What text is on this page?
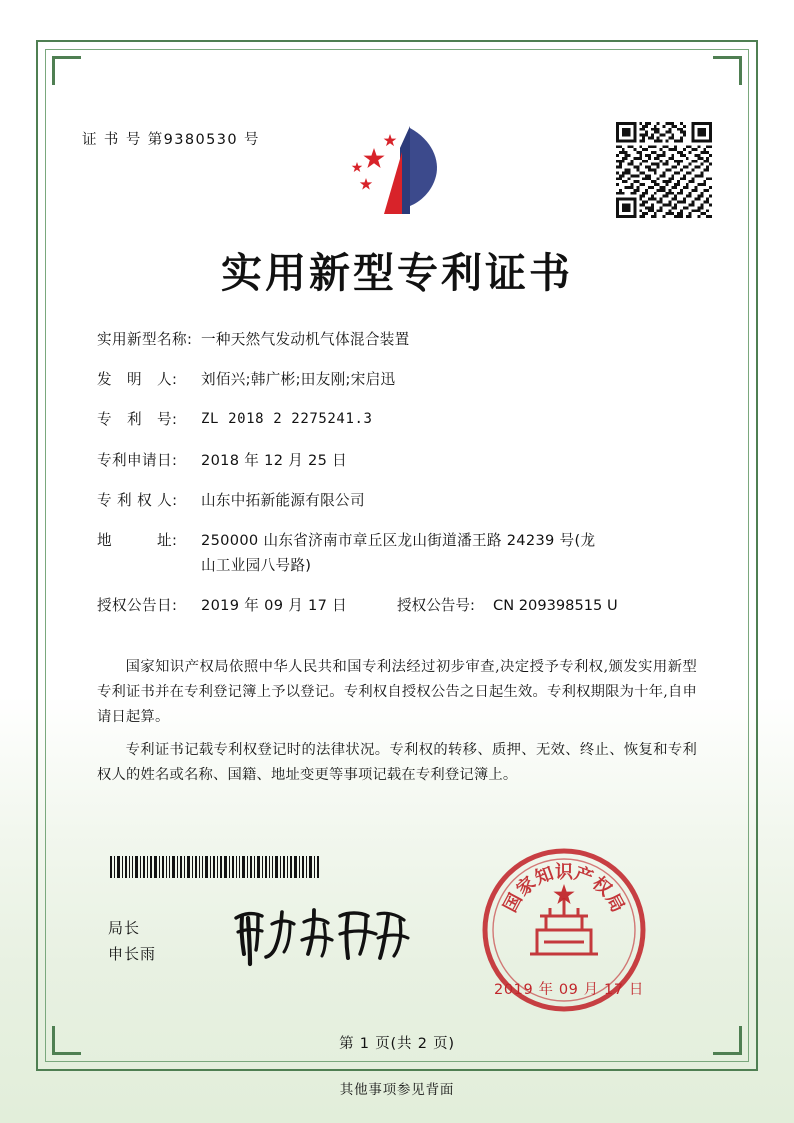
证 书 号 第9380530 号
实用新型专利证书
实用新型名称: 一种天然气发动机气体混合装置
发　明　人:	刘佰兴;韩广彬;田友刚;宋启迅
专　利　号:	ZL 2018 2 2275241.3
专利申请日:	2018 年 12 月 25 日
专 利 权 人:	山东中拓新能源有限公司
地　　　址:	250000 山东省济南市章丘区龙山街道潘王路 24239 号(龙
山工业园八号路)
授权公告日:	2019 年 09 月 17 日	授权公告号:	CN 209398515 U

国家知识产权局依照中华人民共和国专利法经过初步审查,决定授予专利权,颁发实用新型专利证书并在专利登记簿上予以登记。专利权自授权公告之日起生效。专利权期限为十年,自申请日起算。

专利证书记载专利权登记时的法律状况。专利权的转移、质押、无效、终止、恢复和专利权人的姓名或名称、国籍、地址变更等事项记载在专利登记簿上。

局长
申长雨
国
家
知
识
产
权
局
2019 年 09 月 17 日
第 1 页(共 2 页)
其他事项参见背面
